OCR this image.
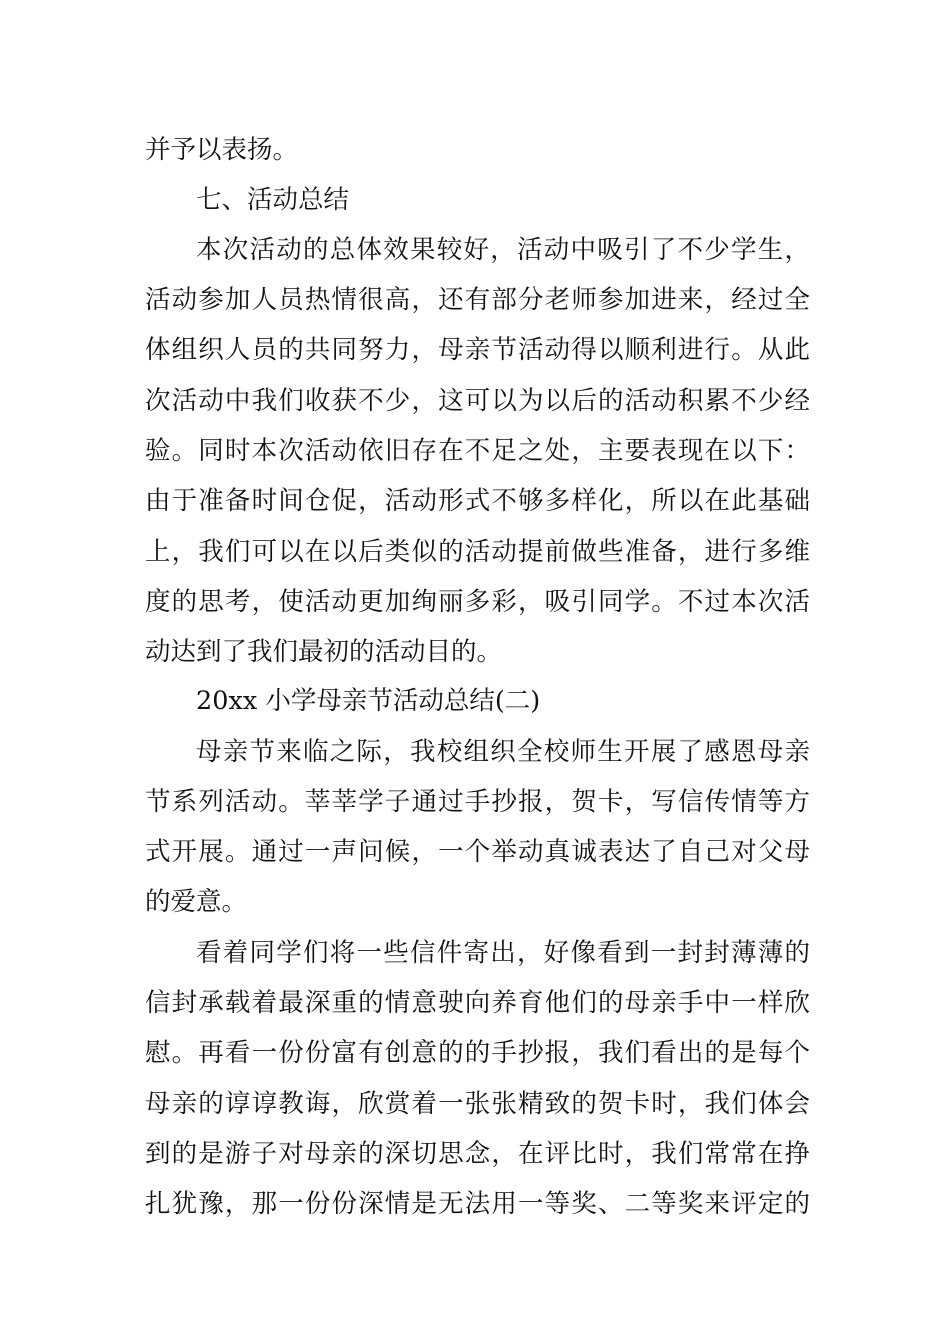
并予以表扬。
七、活动总结
本次活动的总体效果较好，活动中吸引了不少学生，
活动参加人员热情很高，还有部分老师参加进来，经过全
体组织人员的共同努力，母亲节活动得以顺利进行。从此
次活动中我们收获不少，这可以为以后的活动积累不少经
验。同时本次活动依旧存在不足之处，主要表现在以下：
由于准备时间仓促，活动形式不够多样化，所以在此基础
上，我们可以在以后类似的活动提前做些准备，进行多维
度的思考，使活动更加绚丽多彩，吸引同学。不过本次活
动达到了我们最初的活动目的。
20xx 小学母亲节活动总结(二)
母亲节来临之际，我校组织全校师生开展了感恩母亲
节系列活动。莘莘学子通过手抄报，贺卡，写信传情等方
式开展。通过一声问候，一个举动真诚表达了自己对父母
的爱意。
看着同学们将一些信件寄出，好像看到一封封薄薄的
信封承载着最深重的情意驶向养育他们的母亲手中一样欣
慰。再看一份份富有创意的的手抄报，我们看出的是每个
母亲的谆谆教诲，欣赏着一张张精致的贺卡时，我们体会
到的是游子对母亲的深切思念，在评比时，我们常常在挣
扎犹豫，那一份份深情是无法用一等奖、二等奖来评定的
